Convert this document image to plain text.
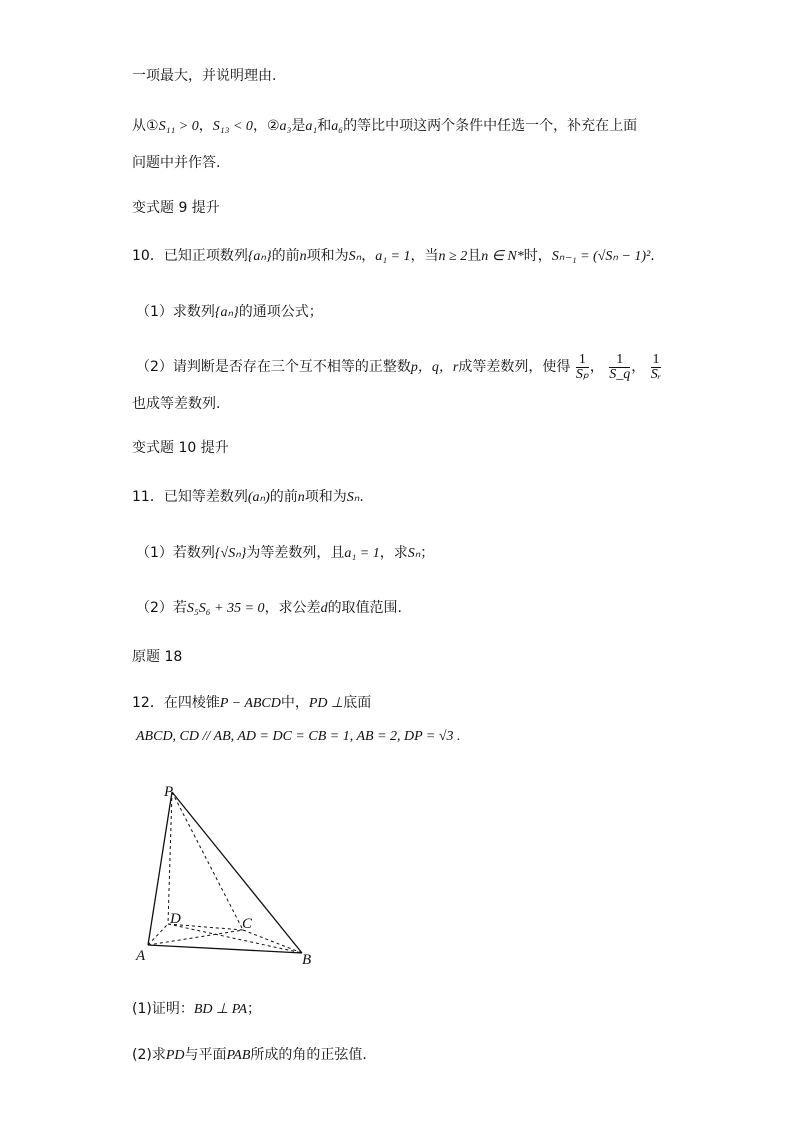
一项最大，并说明理由.
从①S₁₁ > 0，S₁₃ < 0，②a₃是a₁和a₆的等比中项这两个条件中任选一个，补充在上面
问题中并作答.
变式题 9 提升
10．已知正项数列{aₙ}的前n项和为Sₙ，a₁ = 1，当n ≥ 2且n ∈ N*时，Sₙ₋₁ = (√Sₙ − 1)².
（1）求数列{aₙ}的通项公式；
（2）请判断是否存在三个互不相等的正整数p，q，r成等差数列，使得 $\frac{1}{\text{Sₚ}}$ ， $\frac{1}{S\_q}$ ， $\frac{1}{\text{Sᵣ}}$
也成等差数列.
变式题 10 提升
11．已知等差数列(aₙ)的前n项和为Sₙ.
（1）若数列{√Sₙ}为等差数列，且a₁ = 1，求Sₙ；
（2）若S₅S₆ + 35 = 0，求公差d的取值范围.
原题 18
12．在四棱锥P − ABCD中，PD ⊥底面
ABCD, CD // AB, AD = DC = CB = 1, AB = 2, DP = √3 .
P
D	C
A	B
(1)证明：BD ⊥ PA；
(2)求PD与平面PAB所成的角的正弦值.
